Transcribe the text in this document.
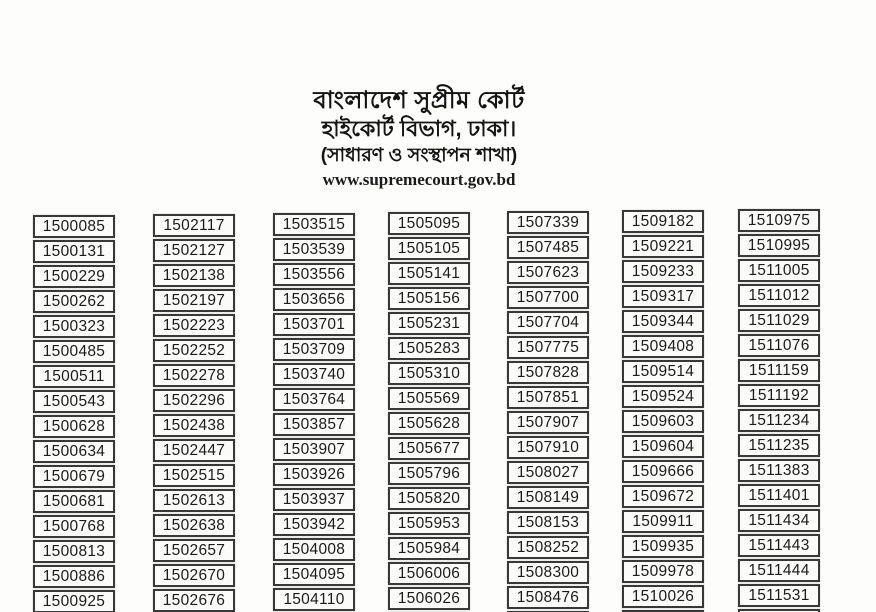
বাংলাদেশ সুপ্রীম কোর্ট
হাইকোর্ট বিভাগ, ঢাকা।
(সাধারণ ও সংস্থাপন শাখা)
www.supremecourt.gov.bd
1500085
1500131
1500229
1500262
1500323
1500485
1500511
1500543
1500628
1500634
1500679
1500681
1500768
1500813
1500886
1500925
1502117
1502127
1502138
1502197
1502223
1502252
1502278
1502296
1502438
1502447
1502515
1502613
1502638
1502657
1502670
1502676
1503515
1503539
1503556
1503656
1503701
1503709
1503740
1503764
1503857
1503907
1503926
1503937
1503942
1504008
1504095
1504110
1505095
1505105
1505141
1505156
1505231
1505283
1505310
1505569
1505628
1505677
1505796
1505820
1505953
1505984
1506006
1506026
1507339
1507485
1507623
1507700
1507704
1507775
1507828
1507851
1507907
1507910
1508027
1508149
1508153
1508252
1508300
1508476
1509182
1509221
1509233
1509317
1509344
1509408
1509514
1509524
1509603
1509604
1509666
1509672
1509911
1509935
1509978
1510026
1510975
1510995
1511005
1511012
1511029
1511076
1511159
1511192
1511234
1511235
1511383
1511401
1511434
1511443
1511444
1511531
